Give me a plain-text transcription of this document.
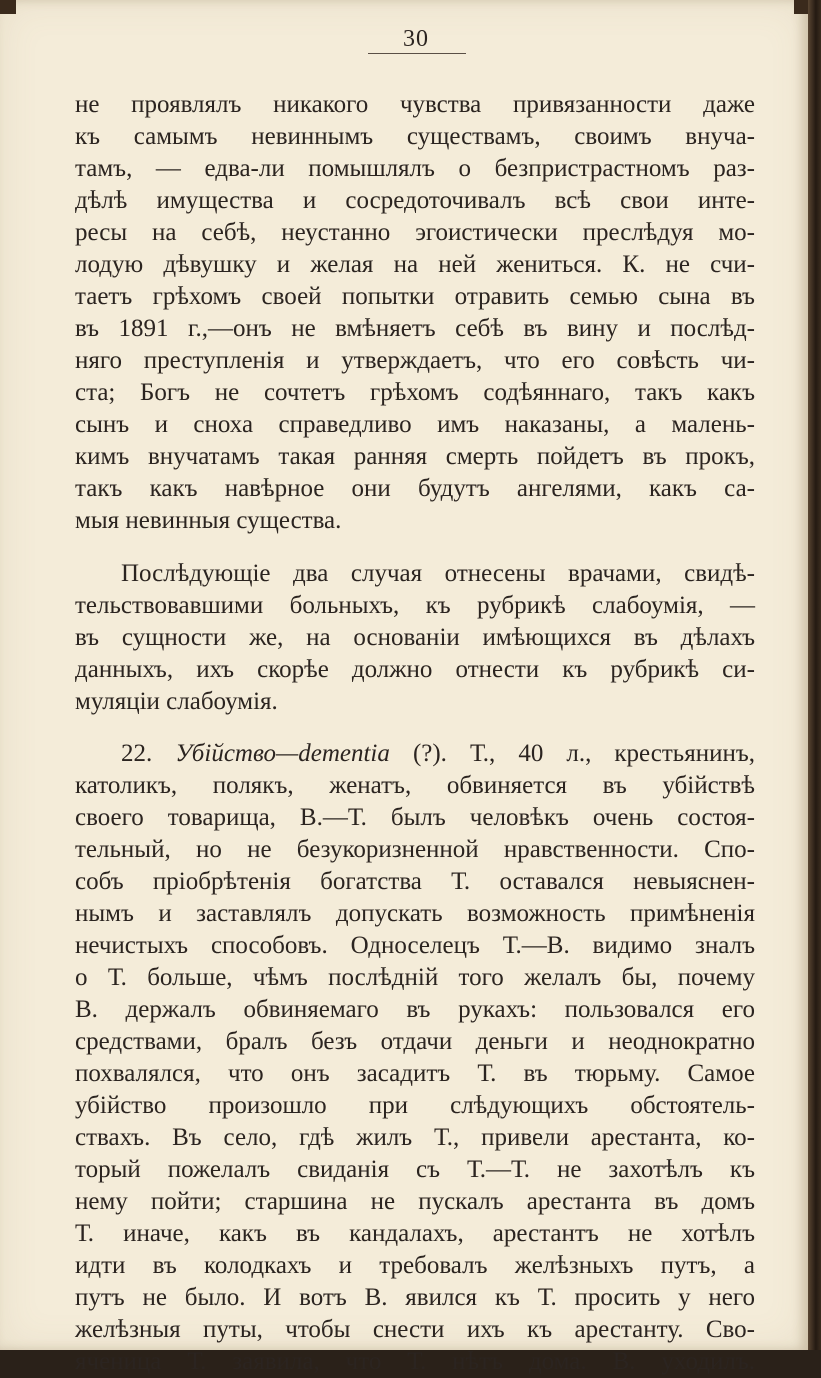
30
не проявлялъ никакого чувства привязанности даже
къ самымъ невиннымъ существамъ, своимъ внуча-
тамъ, — едва-ли помышлялъ о безпристрастномъ раз-
дѣлѣ имущества и сосредоточивалъ всѣ свои инте-
ресы на себѣ, неустанно эгоистически преслѣдуя мо-
лодую дѣвушку и желая на ней жениться. К. не счи-
таетъ грѣхомъ своей попытки отравить семью сына въ
въ 1891 г.,—онъ не вмѣняетъ себѣ въ вину и послѣд-
няго преступленія и утверждаетъ, что его совѣсть чи-
ста; Богъ не сочтетъ грѣхомъ содѣяннаго, такъ какъ
сынъ и сноха справедливо имъ наказаны, а малень-
кимъ внучатамъ такая ранняя смерть пойдетъ въ прокъ,
такъ какъ навѣрное они будутъ ангелями, какъ са-
мыя невинныя существа.
Послѣдующіе два случая отнесены врачами, свидѣ-
тельствовавшими больныхъ, къ рубрикѣ слабоумія, —
въ сущности же, на основаніи имѣющихся въ дѣлахъ
данныхъ, ихъ скорѣе должно отнести къ рубрикѣ си-
муляціи слабоумія.
22. Убійство—dementia (?). Т., 40 л., крестьянинъ,
католикъ, полякъ, женатъ, обвиняется въ убійствѣ
своего товарища, В.—Т. былъ человѣкъ очень состоя-
тельный, но не безукоризненной нравственности. Спо-
собъ пріобрѣтенія богатства Т. оставался невыяснен-
нымъ и заставлялъ допускать возможность примѣненія
нечистыхъ способовъ. Односелецъ Т.—В. видимо зналъ
о Т. больше, чѣмъ послѣдній того желалъ бы, почему
В. держалъ обвиняемаго въ рукахъ: пользовался его
средствами, бралъ безъ отдачи деньги и неоднократно
похвалялся, что онъ засадитъ Т. въ тюрьму. Самое
убійство произошло при слѣдующихъ обстоятель-
ствахъ. Въ село, гдѣ жилъ Т., привели арестанта, ко-
торый пожелалъ свиданія съ Т.—Т. не захотѣлъ къ
нему пойти; старшина не пускалъ арестанта въ домъ
Т. иначе, какъ въ кандалахъ, арестантъ не хотѣлъ
идти въ колодкахъ и требовалъ желѣзныхъ путъ, а
путъ не было. И вотъ В. явился къ Т. просить у него
желѣзныя путы, чтобы снести ихъ къ арестанту. Сво-
яченица Т. заявила, что Т. нѣтъ дома. В. уходилъ.
